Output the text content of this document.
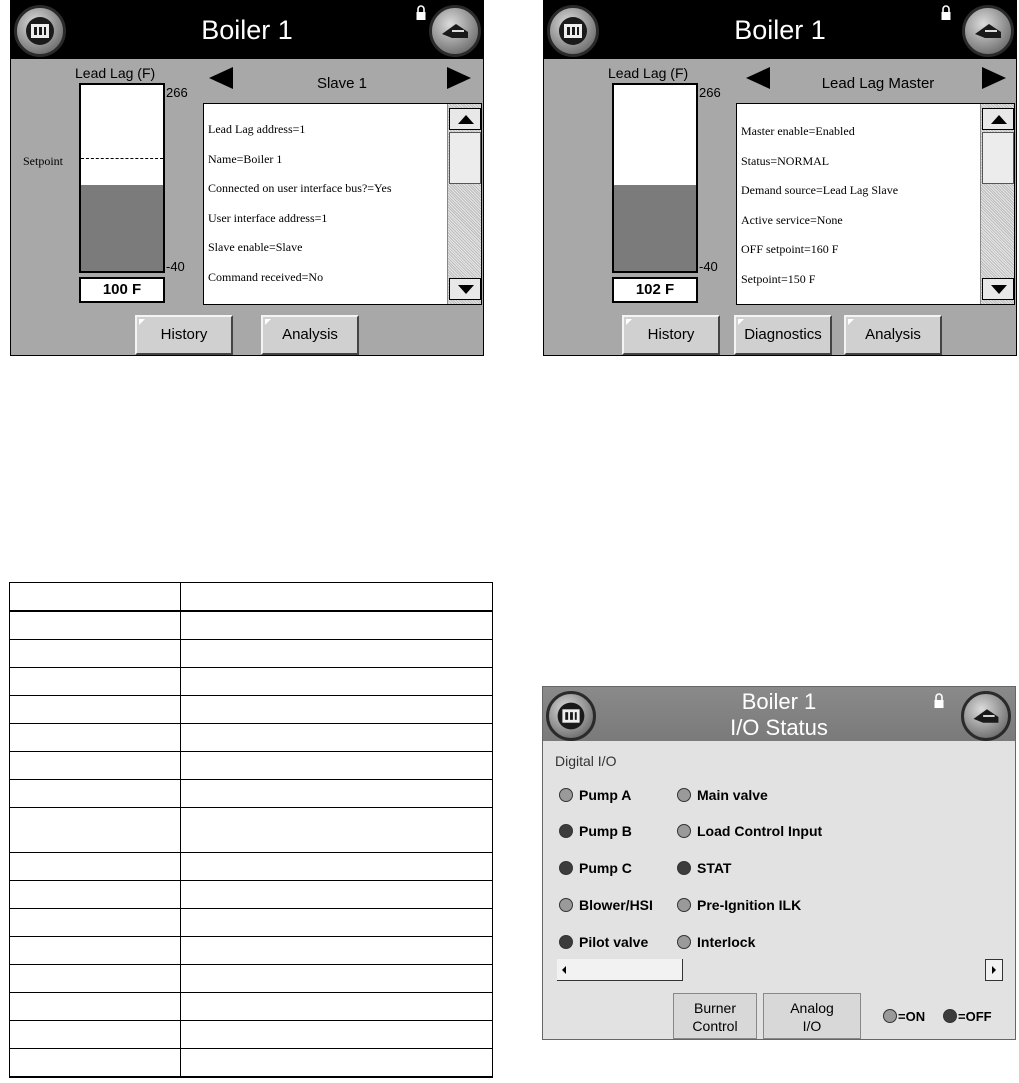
Boiler 1
Lead Lag (F)
266
Setpoint
-40
100 F
Slave 1
Lead Lag address=1
Name=Boiler 1
Connected on user interface bus?=Yes
User interface address=1
Slave enable=Slave
Command received=No
History	Analysis
Boiler 1
Lead Lag (F)
266
-40
102 F
Lead Lag Master
Master enable=Enabled
Status=NORMAL
Demand source=Lead Lag Slave
Active service=None
OFF setpoint=160 F
Setpoint=150 F
History	Diagnostics	Analysis

Boiler 1
I/O Status
Digital I/O
Pump A
Pump B
Pump C
Blower/HSI
Pilot valve
Main valve
Load Control Input
STAT
Pre-Ignition ILK
Interlock
Burner
Control
Analog
I/O
=ON	=OFF
